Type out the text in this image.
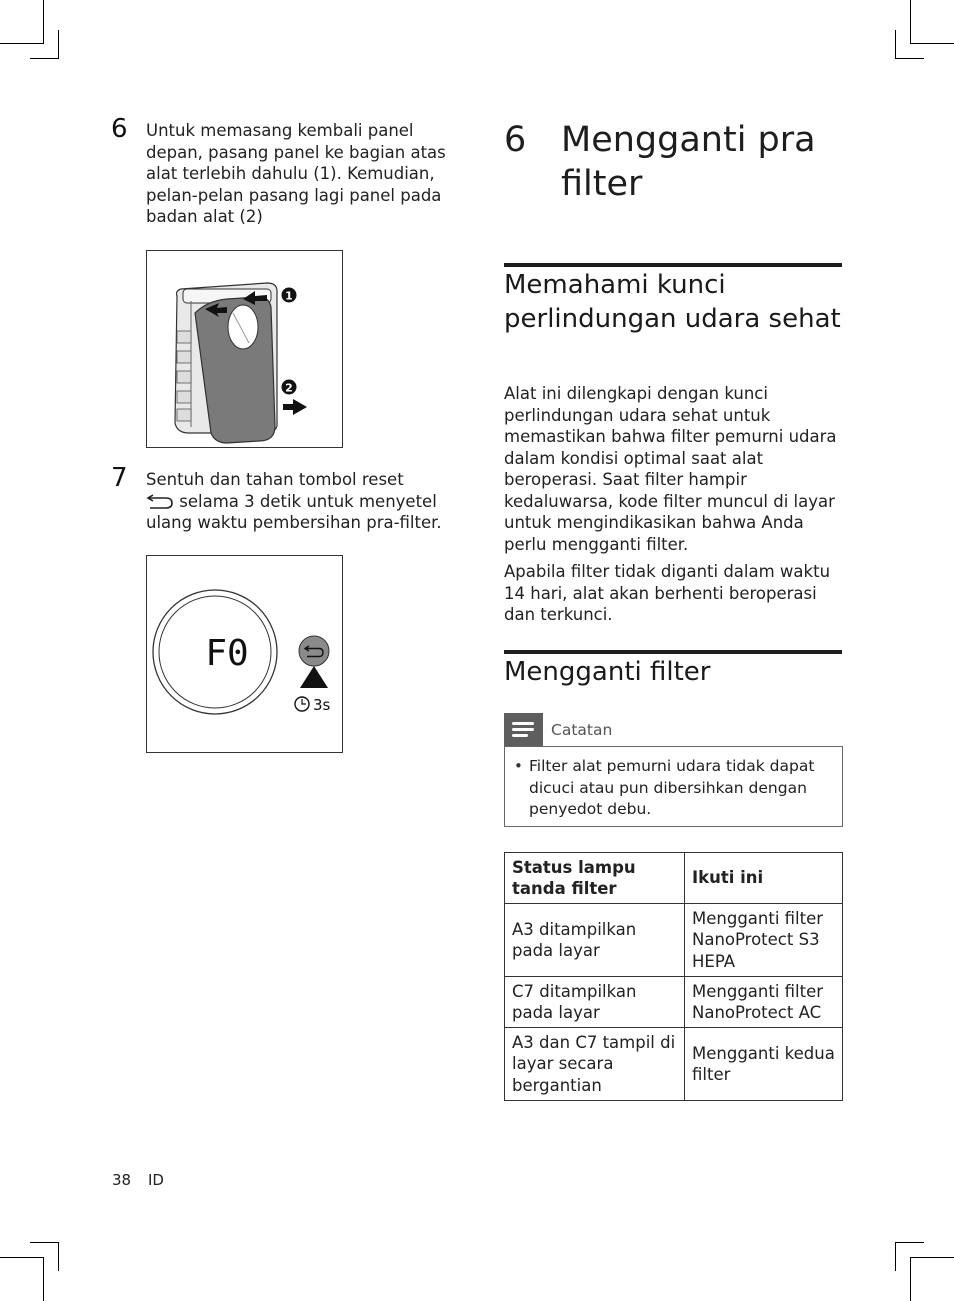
6 Untuk memasang kembali panel depan, pasang panel ke bagian atas alat terlebih dahulu (1). Kemudian, pelan-pelan pasang lagi panel pada badan alat (2)
1
2
7 Sentuh dan tahan tombol reset
selama 3 detik untuk menyetel ulang waktu pembersihan pra-filter.
F0
3s
6 Mengganti pra filter
Memahami kunci perlindungan udara sehat

Alat ini dilengkapi dengan kunci perlindungan udara sehat untuk memastikan bahwa filter pemurni udara dalam kondisi optimal saat alat beroperasi. Saat filter hampir kedaluwarsa, kode filter muncul di layar untuk mengindikasikan bahwa Anda perlu mengganti filter.

Apabila filter tidak diganti dalam waktu 14 hari, alat akan berhenti beroperasi dan terkunci.

Mengganti filter
Catatan
• Filter alat pemurni udara tidak dapat dicuci atau pun dibersihkan dengan penyedot debu.
Status lampu tanda filter	Ikuti ini
A3 ditampilkan pada layar	Mengganti filter NanoProtect S3 HEPA
C7 ditampilkan pada layar	Mengganti filter NanoProtect AC
A3 dan C7 tampil di layar secara bergantian	Mengganti kedua filter
38 ID
